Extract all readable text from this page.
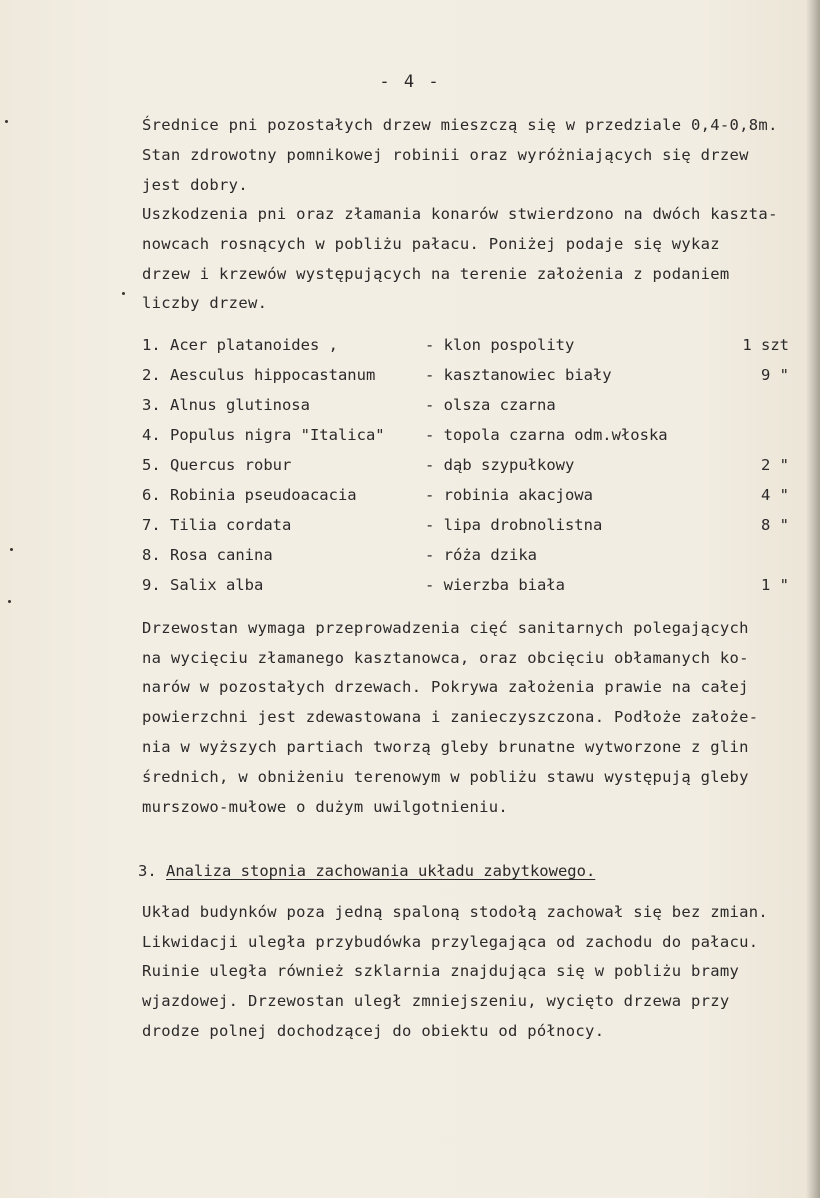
- 4 -
Średnice pni pozostałych drzew mieszczą się w przedziale 0,4-0,8m.
Stan zdrowotny pomnikowej robinii oraz wyróżniających się drzew
jest dobry.
Uszkodzenia pni oraz złamania konarów stwierdzono na dwóch kaszta-
nowcach rosnących w pobliżu pałacu. Poniżej podaje się wykaz
drzew i krzewów występujących na terenie założenia z podaniem
liczby drzew.
1. Acer platanoides ,	- klon pospolity	1 szt
2. Aesculus hippocastanum	- kasztanowiec biały	9 "
3. Alnus glutinosa	- olsza czarna
4. Populus nigra "Italica"	- topola czarna odm.włoska
5. Quercus robur	- dąb szypułkowy	2 "
6. Robinia pseudoacacia	- robinia akacjowa	4 "
7. Tilia cordata	- lipa drobnolistna	8 "
8. Rosa canina	- róża dzika
9. Salix alba	- wierzba biała	1 "
Drzewostan wymaga przeprowadzenia cięć sanitarnych polegających
na wycięciu złamanego kasztanowca, oraz obcięciu obłamanych ko-
narów w pozostałych drzewach. Pokrywa założenia prawie na całej
powierzchni jest zdewastowana i zanieczyszczona. Podłoże założe-
nia w wyższych partiach tworzą gleby brunatne wytworzone z glin
średnich, w obniżeniu terenowym w pobliżu stawu występują gleby
murszowo-mułowe o dużym uwilgotnieniu.
3. Analiza stopnia zachowania układu zabytkowego.
Układ budynków poza jedną spaloną stodołą zachował się bez zmian.
Likwidacji uległa przybudówka przylegająca od zachodu do pałacu.
Ruinie uległa również szklarnia znajdująca się w pobliżu bramy
wjazdowej. Drzewostan uległ zmniejszeniu, wycięto drzewa przy
drodze polnej dochodzącej do obiektu od północy.
